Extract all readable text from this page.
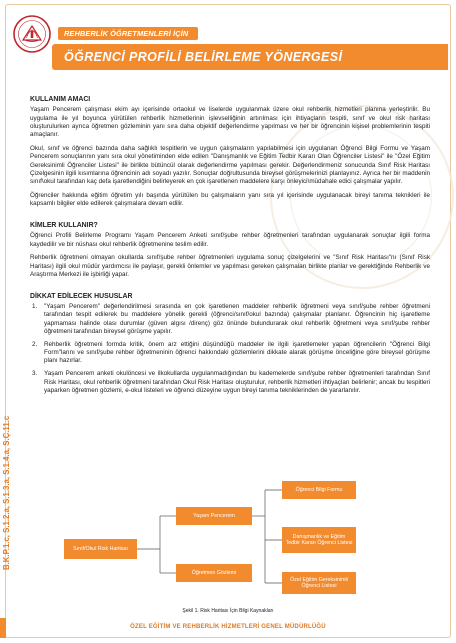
REHBERLİK ÖĞRETMENLERİ İÇİN
ÖĞRENCİ PROFİLİ BELİRLEME YÖNERGESİ
KULLANIM AMACI
Yaşam Pencerem çalışması ekim ayı içerisinde ortaokul ve liselerde uygulanmak üzere okul rehberlik hizmetleri planına yerleştirilir. Bu uygulama ile yıl boyunca yürütülen rehberlik hizmetlerinin işlevselliğinin artırılması için ihtiyaçların tespiti, sınıf ve okul risk haritası oluşturulurken ayrıca öğretmen gözleminin yanı sıra daha objektif değerlendirme yapılması ve her bir öğrencinin kişisel problemlerinin tespiti amaçlanır.
Okul, sınıf ve öğrenci bazında daha sağlıklı tespitlerin ve uygun çalışmaların yapılabilmesi için uygulanan Öğrenci Bilgi Formu ve Yaşam Pencerem sonuçlarının yanı sıra okul yönetiminden elde edilen "Danışmanlık ve Eğitim Tedbir Kararı Olan Öğrenciler Listesi" ile "Özel Eğitim Gereksinimli Öğrenciler Listesi" ile birlikte bütüncül olarak değerlendirme yapılması gerekir. Değerlendirmeniz sonucunda Sınıf Risk Haritası Çizelgesinin ilgili kısımlarına öğrencinin adı soyadı yazılır. Sonuçlar doğrultusunda bireysel görüşmelerinizi planlayınız. Ayrıca her bir maddenin sınıf\okul tarafından kaç defa işaretlendiğini belirleyerek en çok işaretlenen maddelere karşı önleyici\müdahale edici çalışmalar yapılır.
Öğrenciler hakkında eğitim öğretim yılı başında yürütülen bu çalışmaların yanı sıra yıl içerisinde uygulanacak bireyi tanıma teknikleri ile kapsamlı bilgiler elde edilerek çalışmalara devam edilir.
KİMLER KULLANIR?
Öğrenci Profili Belirleme Programı Yaşam Pencerem Anketi sınıf/şube rehber öğretmenleri tarafından uygulanarak sonuçlar ilgili forma kaydedilir ve bir nüshası okul rehberlik öğretmenine teslim edilir.
Rehberlik öğretmeni olmayan okullarda sınıf/şube rehber öğretmenleri uygulama sonuç çizelgelerini ve "Sınıf Risk Haritası"nı (Sınıf Risk Haritası) ilgili okul müdür yardımcısı ile paylaşır, gerekli önlemler ve yapılması gereken çalışmaları birlikte planlar ve gerektiğinde Rehberlik ve Araştırma Merkezi ile işbirliği yapar.
DİKKAT EDİLECEK HUSUSLAR
1. "Yaşam Pencerem" değerlendirilmesi sırasında en çok işaretlenen maddeler rehberlik öğretmeni veya sınıf/şube rehber öğretmeni tarafından tespit edilerek bu maddelere yönelik gerekli (öğrenci/sınıf/okul bazında) çalışmalar planlanır. Öğrencinin hiç işaretleme yapmaması halinde olası durumlar (güven algısı /direnç) göz önünde bulundurarak okul rehberlik öğretmeni veya sınıf/şube rehber öğretmeni tarafından bireysel görüşme yapılır.
2. Rehberlik öğretmeni formda kritik, önem arz ettiğini düşündüğü maddeler ile ilgili işaretlemeler yapan öğrencilerin "Öğrenci Bilgi Form"larını ve sınıf/şube rehber öğretmeninin öğrenci hakkındaki gözlemlerini dikkate alarak görüşme önceliğine göre bireysel görüşme planı hazırlar.
3. Yaşam Pencerem anketi okulöncesi ve ilkokullarda uygulanmadığından bu kademelerde sınıf/şube rehber öğretmenleri tarafından Sınıf Risk Haritası, okul rehberlik öğretmeni tarafından Okul Risk Haritası oluşturulur, rehberlik hizmetleri ihtiyaçları belirlenir; ancak bu tespitleri yaparken öğretmen gözlemi, e-okul listeleri ve öğrenci düzeyine uygun bireyi tanıma tekniklerinden de yararlanılır.
Sınıf/Okul Risk Haritası
Yaşam Pencerem
Öğretmen Gözlemi
Öğrenci Bilgi Formu
Danışmanlık ve Eğitim Tedbir Kararı Öğrenci Listesi
Özel Eğitim Gereksinimli Öğrenci Listesi
Şekil 1. Risk Haritası İçin Bilgi Kaynakları
B.K.P.1.c, S.1.2.a, S.1.3.a, S.1.4.a, S.Ç.11.c
ÖZEL EĞİTİM VE REHBERLİK HİZMETLERİ GENEL MÜDÜRLÜĞÜ
